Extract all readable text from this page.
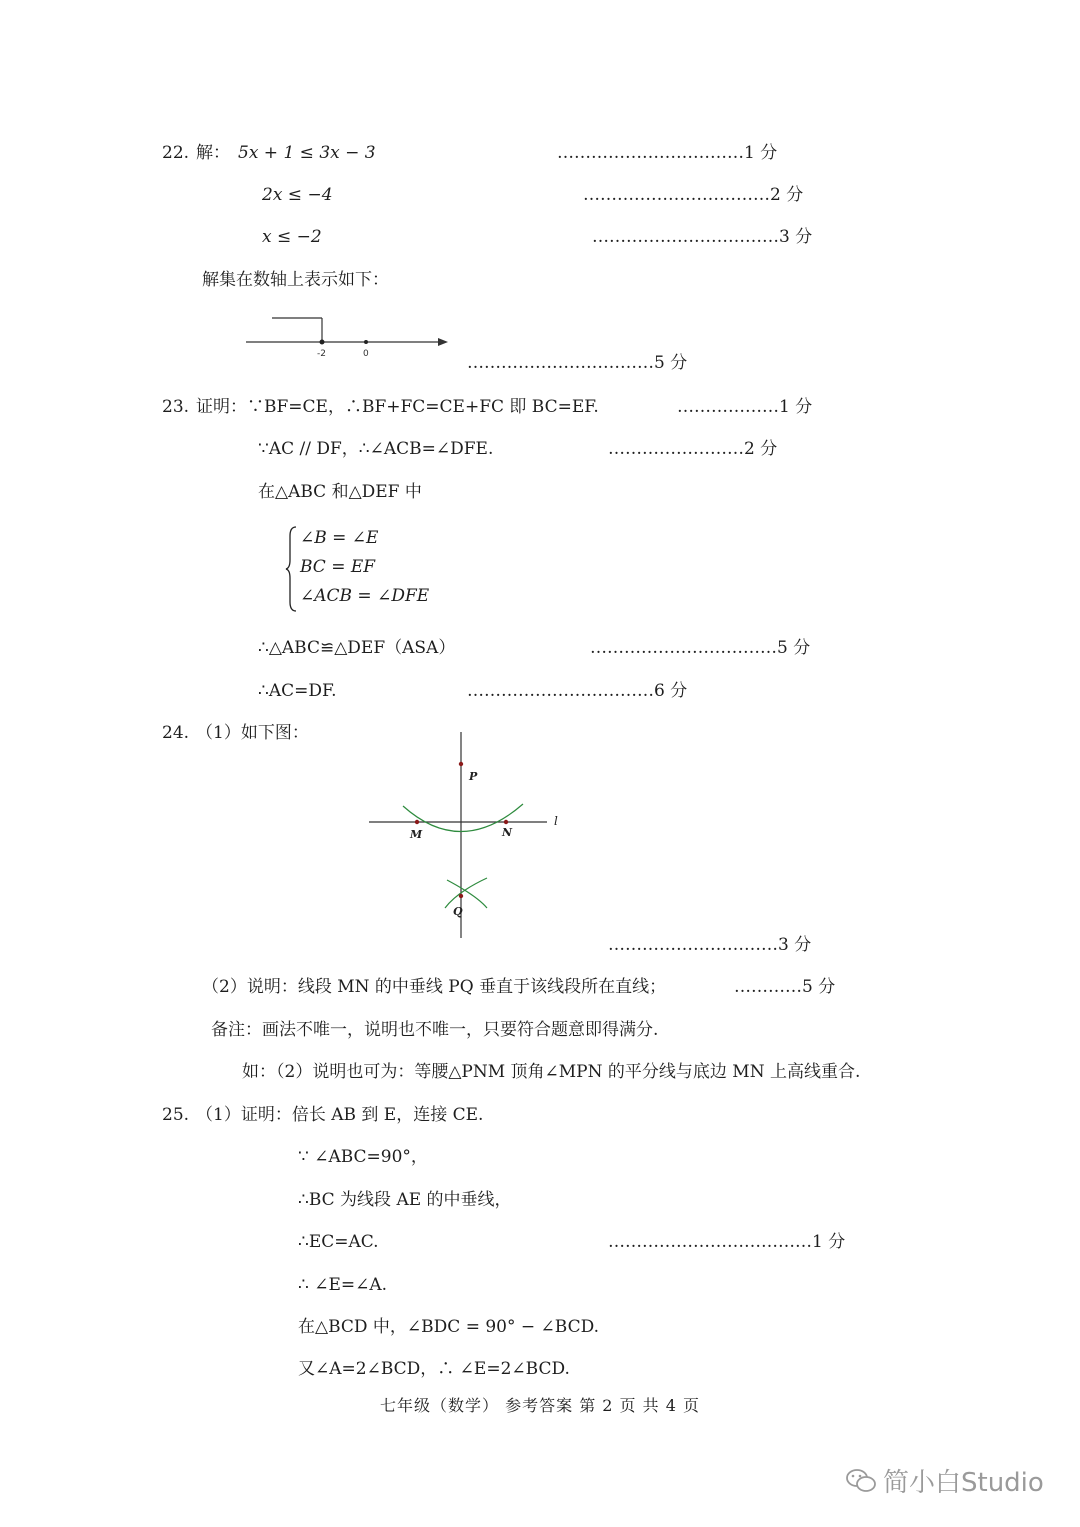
22. 解： 5x + 1 ≤ 3x − 3	……………………………1 分
2x ≤ −4	……………………………2 分
x ≤ −2	……………………………3 分
解集在数轴上表示如下：
-2	0	……………………………5 分
23. 证明：∵BF=CE，∴BF+FC=CE+FC 即 BC=EF.	………………1 分
∵AC // DF，∴∠ACB=∠DFE.	……………………2 分
在△ABC 和△DEF 中
∠B = ∠E
BC = EF
∠ACB = ∠DFE
∴△ABC≌△DEF（ASA）	……………………………5 分
∴AC=DF.	……………………………6 分
24. （1）如下图：
P
M	N
Q
l
…………………………3 分
（2）说明：线段 MN 的中垂线 PQ 垂直于该线段所在直线；	…………5 分
备注：画法不唯一，说明也不唯一，只要符合题意即得满分.
如：（2）说明也可为：等腰△PNM 顶角∠MPN 的平分线与底边 MN 上高线重合.
25. （1）证明：倍长 AB 到 E，连接 CE.
∵ ∠ABC=90°，
∴BC 为线段 AE 的中垂线，
∴EC=AC.	………………………………1 分
∴ ∠E=∠A.
在△BCD 中，∠BDC = 90° − ∠BCD.
又∠A=2∠BCD，∴ ∠E=2∠BCD.
七年级（数学） 参考答案 第 2 页 共 4 页
简小白Studio
